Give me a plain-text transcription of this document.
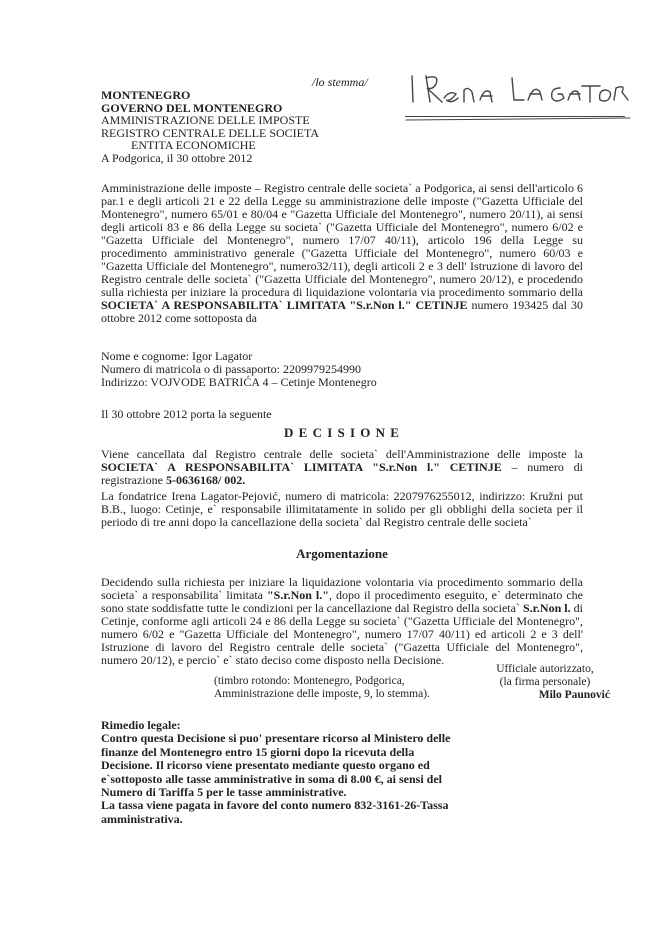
MONTENEGRO
GOVERNO DEL MONTENEGRO
AMMINISTRAZIONE DELLE IMPOSTE
REGISTRO CENTRALE DELLE SOCIETA
ENTITA ECONOMICHE
A Podgorica, il 30 ottobre 2012
/lo stemma/
Amministrazione delle imposte – Registro centrale delle societa` a Podgorica, ai sensi dell'articolo 6 par.1 e degli articoli 21 e 22 della Legge su amministrazione delle imposte ("Gazetta Ufficiale del Montenegro", numero 65/01 e 80/04 e "Gazetta Ufficiale del Montenegro", numero 20/11), ai sensi degli articoli 83 e 86 della Legge su societa` ("Gazetta Ufficiale del Montenegro", numero 6/02 e "Gazetta Ufficiale del Montenegro", numero 17/07 40/11), articolo 196 della Legge su procedimento amministrativo generale ("Gazetta Ufficiale del Montenegro", numero 60/03 e "Gazetta Ufficiale del Montenegro", numero32/11), degli articoli 2 e 3 dell' Istruzione di lavoro del Registro centrale delle societa` ("Gazetta Ufficiale del Montenegro", numero 20/12), e procedendo sulla richiesta per iniziare la procedura di liquidazione volontaria via procedimento sommario della SOCIETA` A RESPONSABILITA` LIMITATA "S.r.Non l." CETINJE numero 193425 dal 30 ottobre 2012 come sottoposta da
Nome e cognome: Igor Lagator
Numero di matricola o di passaporto: 2209979254990
Indirizzo: VOJVODE BATRIĆA 4 – Cetinje Montenegro
Il 30 ottobre 2012 porta la seguente
D E C I S I O N E
Viene cancellata dal Registro centrale delle societa` dell'Amministrazione delle imposte la SOCIETA` A RESPONSABILITA` LIMITATA "S.r.Non l." CETINJE – numero di registrazione 5-0636168/ 002.
La fondatrice Irena Lagator-Pejović, numero di matricola: 2207976255012, indirizzo: Kružni put B.B., luogo: Cetinje, e` responsabile illimitatamente in solido per gli obblighi della societa per il periodo di tre anni dopo la cancellazione della societa` dal Registro centrale delle societa`
Argomentazione
Decidendo sulla richiesta per iniziare la liquidazione volontaria via procedimento sommario della societa` a responsabilita` limitata "S.r.Non l.", dopo il procedimento eseguito, e` determinato che sono state soddisfatte tutte le condizioni per la cancellazione dal Registro della societa` S.r.Non l. di Cetinje, conforme agli articoli 24 e 86 della Legge su societa` ("Gazetta Ufficiale del Montenegro", numero 6/02 e "Gazetta Ufficiale del Montenegro", numero 17/07 40/11) ed articoli 2 e 3 dell' Istruzione di lavoro del Registro centrale delle societa` ("Gazetta Ufficiale del Montenegro", numero 20/12), e percio` e` stato deciso come disposto nella Decisione.
(timbro rotondo: Montenegro, Podgorica,
Amministrazione delle imposte, 9, lo stemma).
Ufficiale autorizzato,
(la firma personale)
Milo Paunović
Rimedio legale:
Contro questa Decisione si puo' presentare ricorso al Ministero delle finanze del Montenegro entro 15 giorni dopo la ricevuta della Decisione. Il ricorso viene presentato mediante questo organo ed e`sottoposto alle tasse amministrative in soma di 8.00 €, ai sensi del Numero di Tariffa 5 per le tasse amministrative.
La tassa viene pagata in favore del conto numero 832-3161-26-Tassa amministrativa.
